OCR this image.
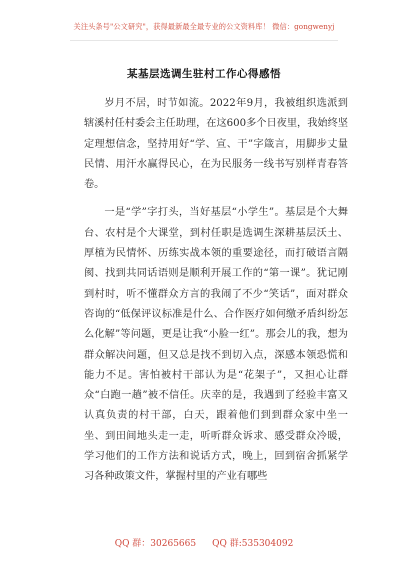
关注头条号"公文研究"，获得最新最全最专业的公文资料库！ 微信：gongwenyj
某基层选调生驻村工作心得感悟

岁月不居，时节如流。2022年9月，我被组织选派到辖溪村任村委会主任助理，在这600多个日夜里，我始终坚定理想信念，坚持用好“学、宣、干”字箴言，用脚步丈量民情、用汗水赢得民心，在为民服务一线书写别样青春答卷。

一是“学”字打头，当好基层“小学生”。基层是个大舞台、农村是个大课堂，到村任职是选调生深耕基层沃土、厚植为民情怀、历练实战本领的重要途径，而打破语言隔阂、找到共同话语则是顺利开展工作的“第一课”。犹记刚到村时，听不懂群众方言的我闹了不少“笑话”，面对群众咨询的“低保评议标准是什么、合作医疗如何缴矛盾纠纷怎么化解”等问题，更是让我“小脸一红”。那会儿的我，想为群众解决问题，但又总是找不到切入点，深感本领恐慌和能力不足。害怕被村干部认为是“花架子”，又担心让群众“白跑一趟”被不信任。庆幸的是，我遇到了经验丰富又认真负责的村干部，白天，跟着他们到到群众家中坐一坐、到田间地头走一走，听听群众诉求、感受群众冷暖，学习他们的工作方法和说话方式，晚上，回到宿舍抓紧学习各种政策文件，掌握村里的产业有哪些

QQ 群：30265665 QQ 群:535304092
